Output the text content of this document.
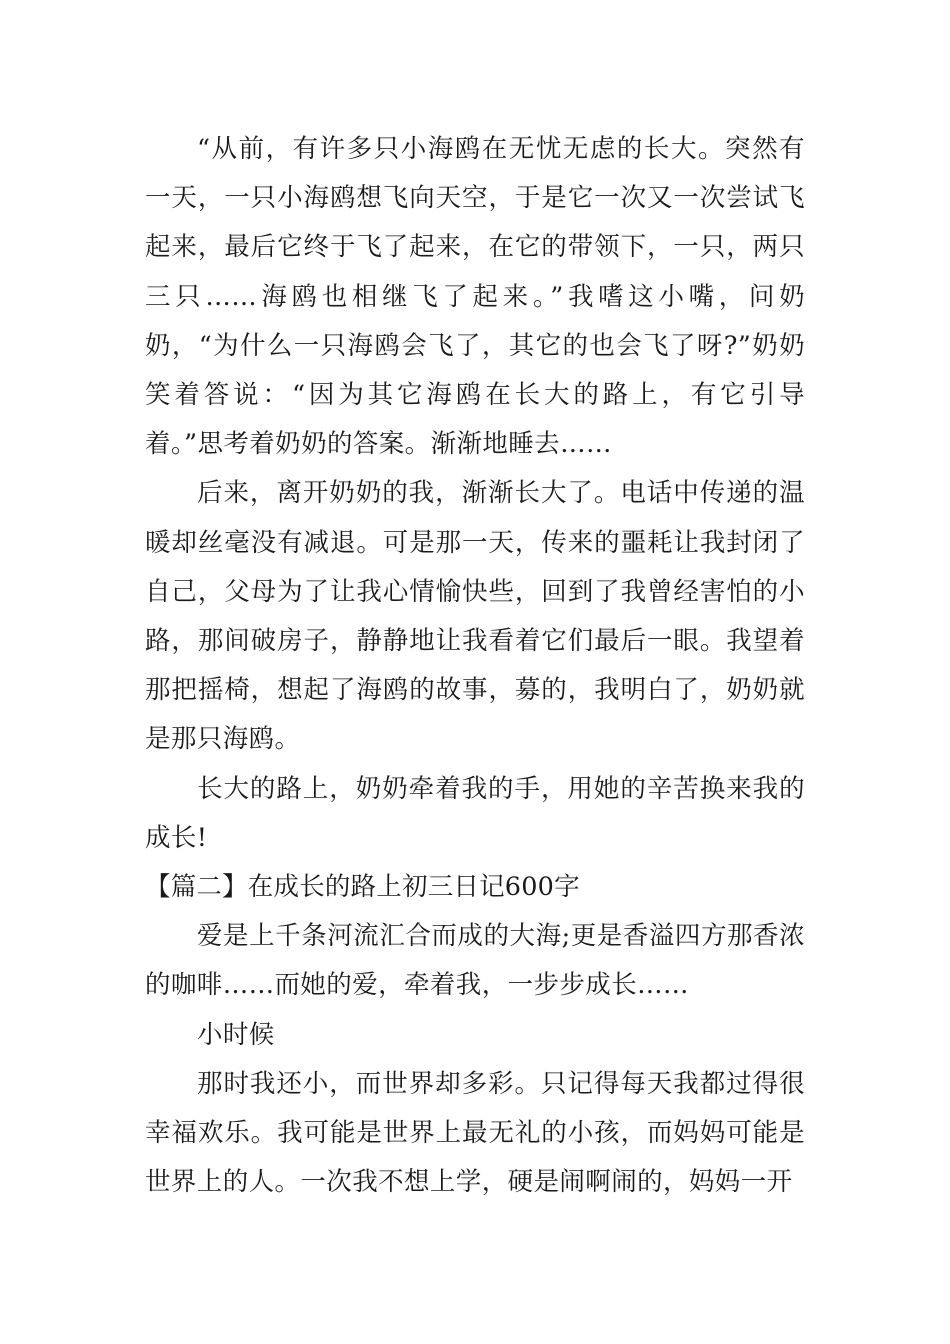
“从前，有许多只小海鸥在无忧无虑的长大。突然有一天，一只小海鸥想飞向天空，于是它一次又一次尝试飞起来，最后它终于飞了起来，在它的带领下，一只，两只三只……海鸥也相继飞了起来。”我嗜这小嘴，问奶奶，“为什么一只海鸥会飞了，其它的也会飞了呀?”奶奶笑着答说：“因为其它海鸥在长大的路上，有它引导着。”思考着奶奶的答案。渐渐地睡去……

后来，离开奶奶的我，渐渐长大了。电话中传递的温暖却丝毫没有减退。可是那一天，传来的噩耗让我封闭了自己，父母为了让我心情愉快些，回到了我曾经害怕的小路，那间破房子，静静地让我看着它们最后一眼。我望着那把摇椅，想起了海鸥的故事，募的，我明白了，奶奶就是那只海鸥。

长大的路上，奶奶牵着我的手，用她的辛苦换来我的成长!

【篇二】在成长的路上初三日记600字

爱是上千条河流汇合而成的大海;更是香溢四方那香浓的咖啡……而她的爱，牵着我，一步步成长……

小时候

那时我还小，而世界却多彩。只记得每天我都过得很幸福欢乐。我可能是世界上最无礼的小孩，而妈妈可能是世界上的人。一次我不想上学，硬是闹啊闹的，妈妈一开
